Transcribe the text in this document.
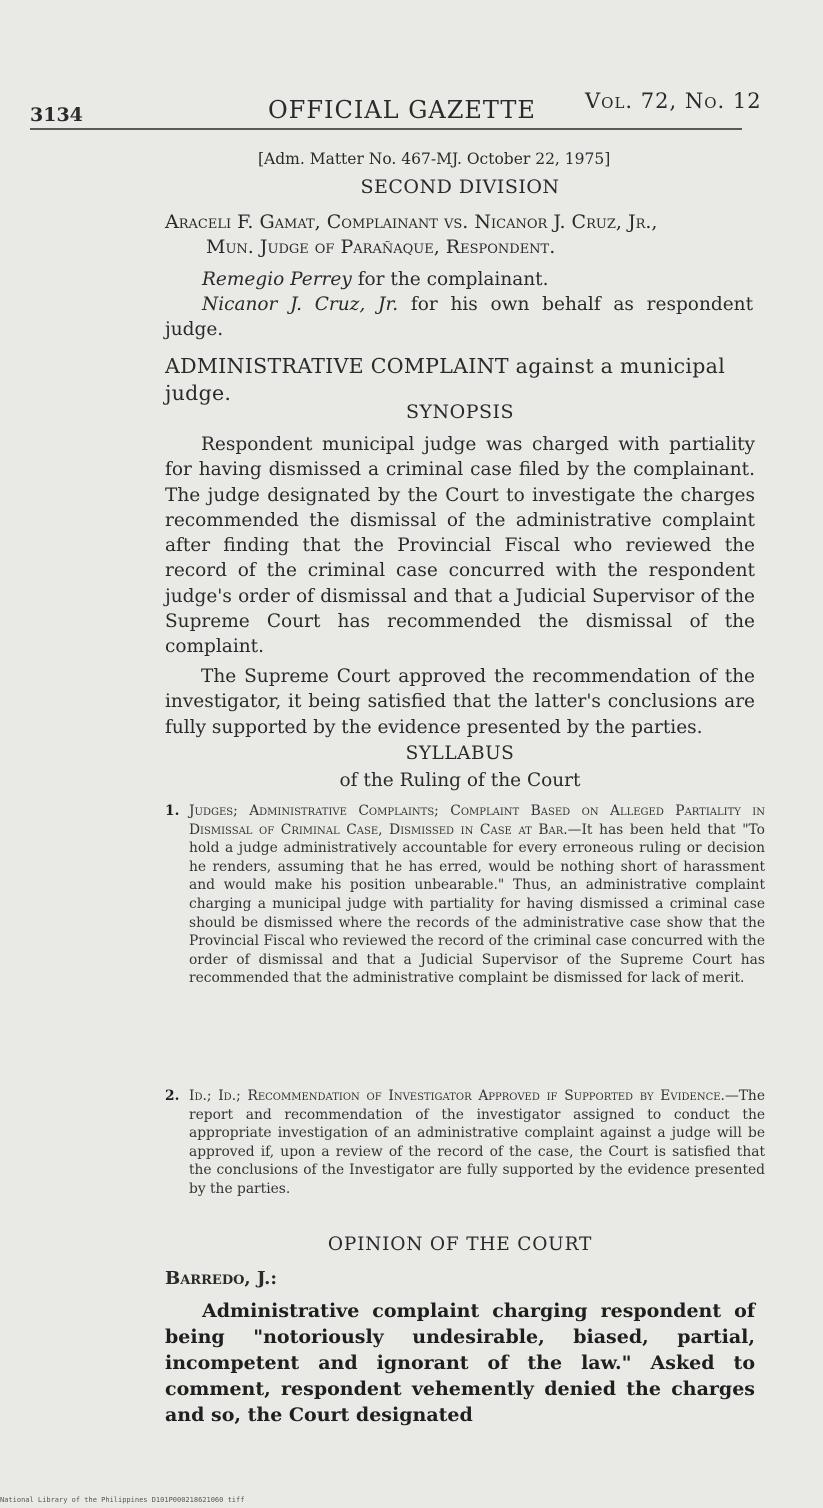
3134	OFFICIAL GAZETTE Vol. 72, No. 12
[Adm. Matter No. 467-MJ. October 22, 1975]
SECOND DIVISION
Araceli F. Gamat, Complainant vs. Nicanor J. Cruz, Jr.,
Mun. Judge of Parañaque, Respondent.
Remegio Perrey for the complainant.
Nicanor J. Cruz, Jr. for his own behalf as respondent judge.
ADMINISTRATIVE COMPLAINT against a municipal judge.
SYNOPSIS
Respondent municipal judge was charged with partiality for having dismissed a criminal case filed by the complainant. The judge designated by the Court to investigate the charges recommended the dismissal of the administrative complaint after finding that the Provincial Fiscal who reviewed the record of the criminal case concurred with the respondent judge's order of dismissal and that a Judicial Supervisor of the Supreme Court has recommended the dismissal of the complaint.
The Supreme Court approved the recommendation of the investigator, it being satisfied that the latter's conclusions are fully supported by the evidence presented by the parties.
SYLLABUS
of the Ruling of the Court
1. Judges; Administrative Complaints; Complaint Based on Alleged Partiality in Dismissal of Criminal Case, Dismissed in Case at Bar.—It has been held that "To hold a judge administratively accountable for every erroneous ruling or decision he renders, assuming that he has erred, would be nothing short of harassment and would make his position unbearable." Thus, an administrative complaint charging a municipal judge with partiality for having dismissed a criminal case should be dismissed where the records of the administrative case show that the Provincial Fiscal who reviewed the record of the criminal case concurred with the order of dismissal and that a Judicial Supervisor of the Supreme Court has recommended that the administrative complaint be dismissed for lack of merit.
2. Id.; Id.; Recommendation of Investigator Approved if Supported by Evidence.—The report and recommendation of the investigator assigned to conduct the appropriate investigation of an administrative complaint against a judge will be approved if, upon a review of the record of the case, the Court is satisfied that the conclusions of the Investigator are fully supported by the evidence presented by the parties.
OPINION OF THE COURT
Barredo, J.:
Administrative complaint charging respondent of being "notoriously undesirable, biased, partial, incompetent and ignorant of the law." Asked to comment, respondent vehemently denied the charges and so, the Court designated
National Library of the Philippines D101P000218621060 tiff
